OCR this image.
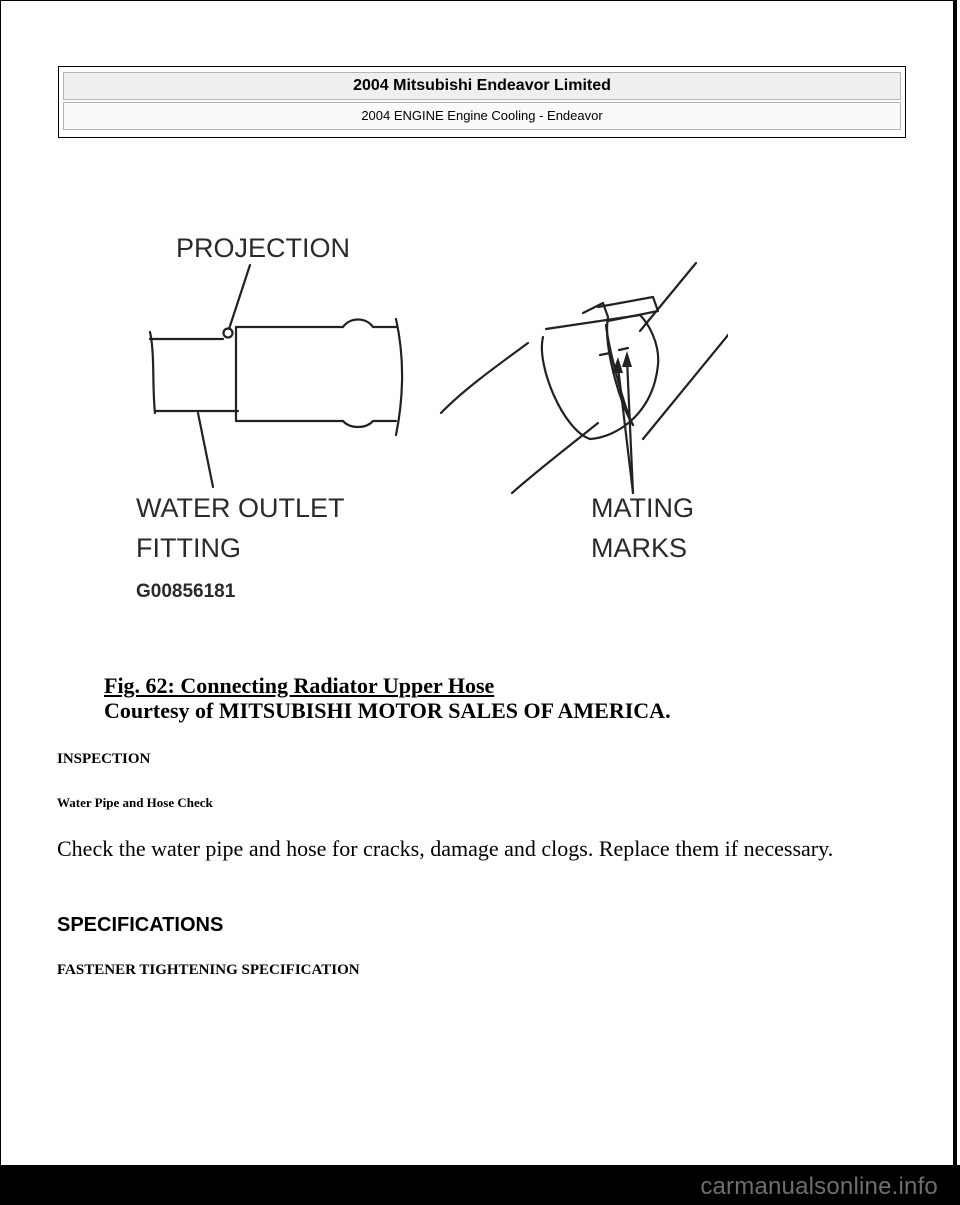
2004 Mitsubishi Endeavor Limited
2004 ENGINE Engine Cooling - Endeavor
PROJECTION
WATER OUTLET
FITTING
MATING
MARKS
G00856181
Fig. 62: Connecting Radiator Upper Hose
Courtesy of MITSUBISHI MOTOR SALES OF AMERICA.
INSPECTION
Water Pipe and Hose Check
Check the water pipe and hose for cracks, damage and clogs. Replace them if necessary.
SPECIFICATIONS
FASTENER TIGHTENING SPECIFICATION
carmanualsonline.info
